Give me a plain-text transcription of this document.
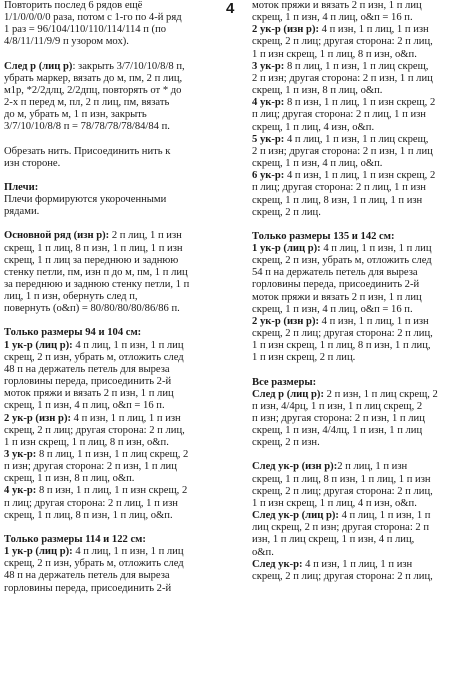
Повторить послед 6 рядов ещё
1/1/0/0/0/0 раза, потом с 1-го по 4-й ряд
1 раз = 96/104/110/110/114/114 п (по
4/8/11/11/9/9 п узором мох).
След р (лиц р): закрыть 3/7/10/10/8/8 п,
убрать маркер, вязать до м, пм, 2 п лиц,
м1р, *2/2длц, 2/2дпц, повторять от * до
2-х п перед м, пл, 2 п лиц, пм, вязать
до м, убрать м, 1 п изн, закрыть
3/7/10/10/8/8 п = 78/78/78/78/84/84 п.
Обрезать нить. Присоединить нить к
изн стороне.
Плечи:
Плечи формируются укороченными
рядами.
Основной ряд (изн р): 2 п лиц, 1 п изн
скрещ, 1 п лиц, 8 п изн, 1 п лиц, 1 п изн
скрещ, 1 п лиц за переднюю и заднюю
стенку петли, пм, изн п до м, пм, 1 п лиц
за переднюю и заднюю стенку петли, 1 п
лиц, 1 п изн, обернуть след п,
повернуть (о&п) = 80/80/80/80/86/86 п.
Только размеры 94 и 104 см:

1 ук-р (лиц р): 4 п лиц, 1 п изн, 1 п лиц
скрещ, 2 п изн, убрать м, отложить след
48 п на держатель петель для выреза
горловины переда, присоединить 2-й
моток пряжи и вязать 2 п изн, 1 п лиц
скрещ, 1 п изн, 4 п лиц, о&п = 16 п.
2 ук-р (изн р): 4 п изн, 1 п лиц, 1 п изн
скрещ, 2 п лиц; другая сторона: 2 п лиц,
1 п изн скрещ, 1 п лиц, 8 п изн, о&п.
3 ук-р: 8 п лиц, 1 п изн, 1 п лиц скрещ, 2
п изн; другая сторона: 2 п изн, 1 п лиц
скрещ, 1 п изн, 8 п лиц, о&п.
4 ук-р: 8 п изн, 1 п лиц, 1 п изн скрещ, 2
п лиц; другая сторона: 2 п лиц, 1 п изн
скрещ, 1 п лиц, 8 п изн, 1 п лиц, о&п.
Только размеры 114 и 122 см:

1 ук-р (лиц р): 4 п лиц, 1 п изн, 1 п лиц
скрещ, 2 п изн, убрать м, отложить след
48 п на держатель петель для выреза
горловины переда, присоединить 2-й
4 моток пряжи и вязать 2 п изн, 1 п лиц
скрещ, 1 п изн, 4 п лиц, о&п = 16 п.
2 ук-р (изн р): 4 п изн, 1 п лиц, 1 п изн
скрещ, 2 п лиц; другая сторона: 2 п лиц,
1 п изн скрещ, 1 п лиц, 8 п изн, о&п.
3 ук-р: 8 п лиц, 1 п изн, 1 п лиц скрещ,
2 п изн; другая сторона: 2 п изн, 1 п лиц
скрещ, 1 п изн, 8 п лиц, о&п.
4 ук-р: 8 п изн, 1 п лиц, 1 п изн скрещ, 2
п лиц; другая сторона: 2 п лиц, 1 п изн
скрещ, 1 п лиц, 4 изн, о&п.
5 ук-р: 4 п лиц, 1 п изн, 1 п лиц скрещ,
2 п изн; другая сторона: 2 п изн, 1 п лиц
скрещ, 1 п изн, 4 п лиц, о&п.
6 ук-р: 4 п изн, 1 п лиц, 1 п изн скрещ, 2
п лиц; другая сторона: 2 п лиц, 1 п изн
скрещ, 1 п лиц, 8 изн, 1 п лиц, 1 п изн
скрещ, 2 п лиц.
Только размеры 135 и 142 см:

1 ук-р (лиц р): 4 п лиц, 1 п изн, 1 п лиц
скрещ, 2 п изн, убрать м, отложить след
54 п на держатель петель для выреза
горловины переда, присоединить 2-й
моток пряжи и вязать 2 п изн, 1 п лиц
скрещ, 1 п изн, 4 п лиц, о&п = 16 п.
2 ук-р (изн р): 4 п изн, 1 п лиц, 1 п изн
скрещ, 2 п лиц; другая сторона: 2 п лиц,
1 п изн скрещ, 1 п лиц, 8 п изн, 1 п лиц,
1 п изн скрещ, 2 п лиц.
Все размеры:

След р (лиц р): 2 п изн, 1 п лиц скрещ, 2
п изн, 4/4рц, 1 п изн, 1 п лиц скрещ, 2
п изн; другая сторона: 2 п изн, 1 п лиц
скрещ, 1 п изн, 4/4лц, 1 п изн, 1 п лиц
скрещ, 2 п изн.
След ук-р (изн р):2 п лиц, 1 п изн
скрещ, 1 п лиц, 8 п изн, 1 п лиц, 1 п изн
скрещ, 2 п лиц; другая сторона: 2 п лиц,
1 п изн скрещ, 1 п лиц, 4 п изн, о&п.
След ук-р (лиц р): 4 п лиц, 1 п изн, 1 п
лиц скрещ, 2 п изн; другая сторона: 2 п
изн, 1 п лиц скрещ, 1 п изн, 4 п лиц,
о&п.
След ук-р: 4 п изн, 1 п лиц, 1 п изн
скрещ, 2 п лиц; другая сторона: 2 п лиц,
